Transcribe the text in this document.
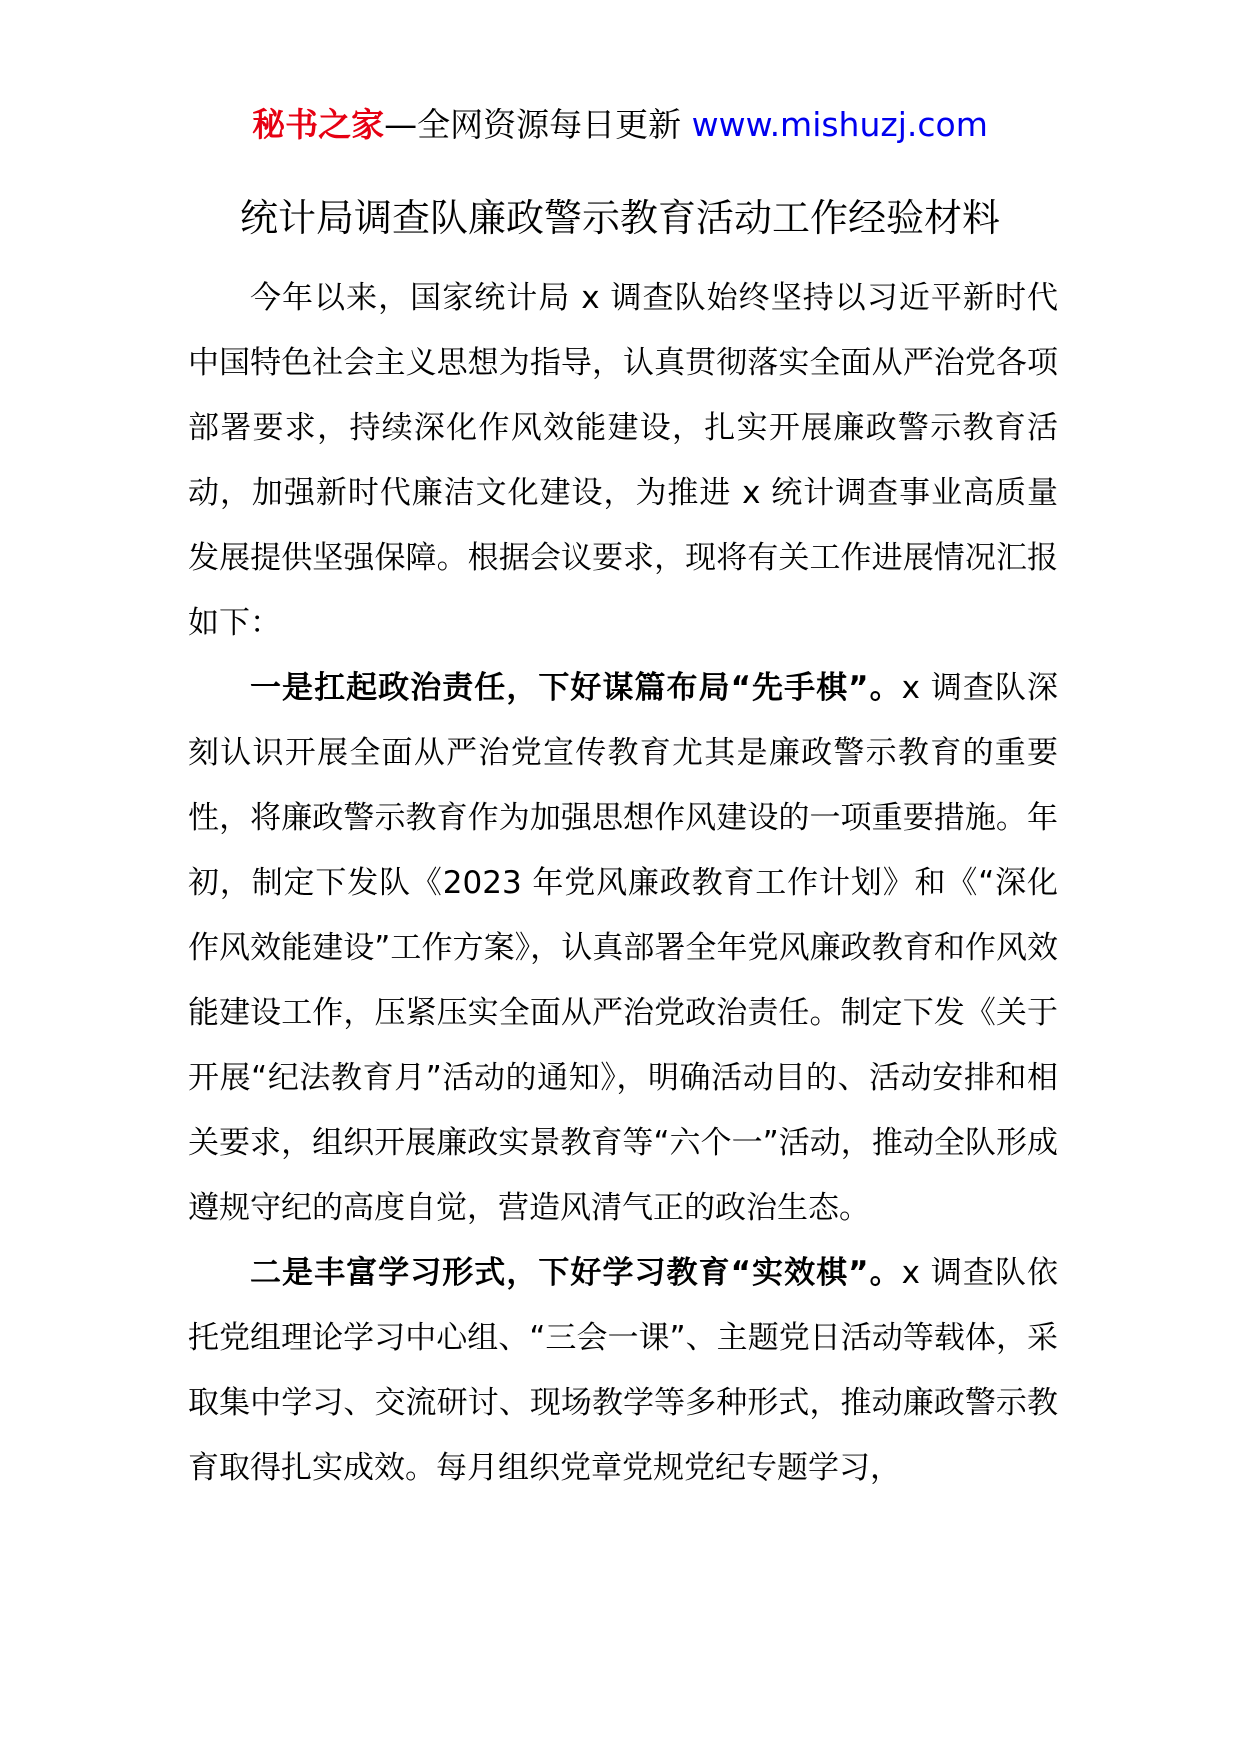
秘书之家—全网资源每日更新 www.mishuzj.com
统计局调查队廉政警示教育活动工作经验材料

今年以来，国家统计局 x 调查队始终坚持以习近平新时代中国特色社会主义思想为指导，认真贯彻落实全面从严治党各项部署要求，持续深化作风效能建设，扎实开展廉政警示教育活动，加强新时代廉洁文化建设，为推进 x 统计调查事业高质量发展提供坚强保障。根据会议要求，现将有关工作进展情况汇报如下：

一是扛起政治责任，下好谋篇布局“先手棋”。x 调查队深刻认识开展全面从严治党宣传教育尤其是廉政警示教育的重要性，将廉政警示教育作为加强思想作风建设的一项重要措施。年初，制定下发队《2023 年党风廉政教育工作计划》和《“深化作风效能建设”工作方案》，认真部署全年党风廉政教育和作风效能建设工作，压紧压实全面从严治党政治责任。制定下发《关于开展“纪法教育月”活动的通知》，明确活动目的、活动安排和相关要求，组织开展廉政实景教育等“六个一”活动，推动全队形成遵规守纪的高度自觉，营造风清气正的政治生态。

二是丰富学习形式，下好学习教育“实效棋”。x 调查队依托党组理论学习中心组、“三会一课”、主题党日活动等载体，采取集中学习、交流研讨、现场教学等多种形式，推动廉政警示教育取得扎实成效。每月组织党章党规党纪专题学习，
